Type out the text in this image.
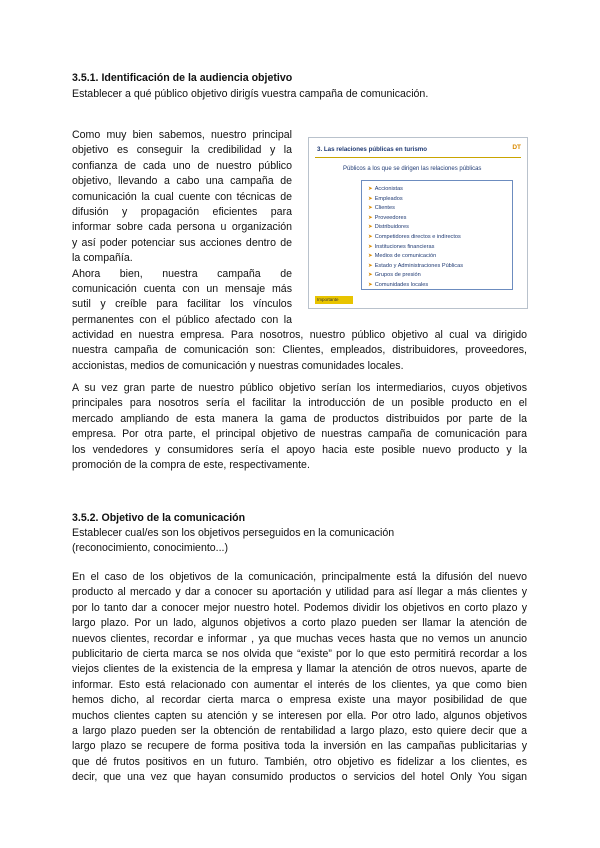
3.5.1. Identificación de la audiencia objetivo
Establecer a qué público objetivo dirigís vuestra campaña de comunicación.
Como muy bien sabemos, nuestro principal
objetivo es conseguir la credibilidad y la
confianza de cada uno de nuestro público
objetivo, llevando a cabo una campaña de
comunicación la cual cuente con técnicas de
difusión y propagación eficientes para
informar sobre cada persona u organización
y así poder potenciar sus acciones dentro de
la compañía.
Ahora bien, nuestra campaña de
comunicación cuenta con un mensaje más
sutil y creíble para facilitar los vínculos
permanentes con el público afectado con la
3. Las relaciones públicas en turismo	DT
Públicos a los que se dirigen las relaciones públicas
➤ Accionistas
➤ Empleados
➤ Clientes
➤ Proveedores
➤ Distribuidores
➤ Competidores directos e indirectos
➤ Instituciones financieras
➤ Medios de comunicación
➤ Estado y Administraciones Públicas
➤ Grupos de presión
➤ Comunidades locales
Importante
actividad en nuestra empresa. Para nosotros, nuestro público objetivo al cual va dirigido
nuestra campaña de comunicación son: Clientes, empleados, distribuidores, proveedores,
accionistas, medios de comunicación y nuestras comunidades locales.
A su vez gran parte de nuestro público objetivo serían los intermediarios, cuyos objetivos
principales para nosotros sería el facilitar la introducción de un posible producto en el
mercado ampliando de esta manera la gama de productos distribuidos por parte de la
empresa. Por otra parte, el principal objetivo de nuestras campaña de comunicación para
los vendedores y consumidores sería el apoyo hacia este posible nuevo producto y la
promoción de la compra de este, respectivamente.
3.5.2. Objetivo de la comunicación
Establecer cual/es son los objetivos perseguidos en la comunicación
(reconocimiento, conocimiento...)
En el caso de los objetivos de la comunicación, principalmente está la difusión del nuevo
producto al mercado y dar a conocer su aportación y utilidad para así llegar a más clientes y
por lo tanto dar a conocer mejor nuestro hotel. Podemos dividir los objetivos en corto plazo y
largo plazo. Por un lado, algunos objetivos a corto plazo pueden ser llamar la atención de
nuevos clientes, recordar e informar , ya que muchas veces hasta que no vemos un anuncio
publicitario de cierta marca se nos olvida que “existe” por lo que esto permitirá recordar a los
viejos clientes de la existencia de la empresa y llamar la atención de otros nuevos, aparte de
informar. Esto está relacionado con aumentar el interés de los clientes, ya que como bien
hemos dicho, al recordar cierta marca o empresa existe una mayor posibilidad de que
muchos clientes capten su atención y se interesen por ella. Por otro lado, algunos objetivos
a largo plazo pueden ser la obtención de rentabilidad a largo plazo, esto quiere decir que a
largo plazo se recupere de forma positiva toda la inversión en las campañas publicitarias y
que dé frutos positivos en un futuro. También, otro objetivo es fidelizar a los clientes, es
decir, que una vez que hayan consumido productos o servicios del hotel Only You sigan
